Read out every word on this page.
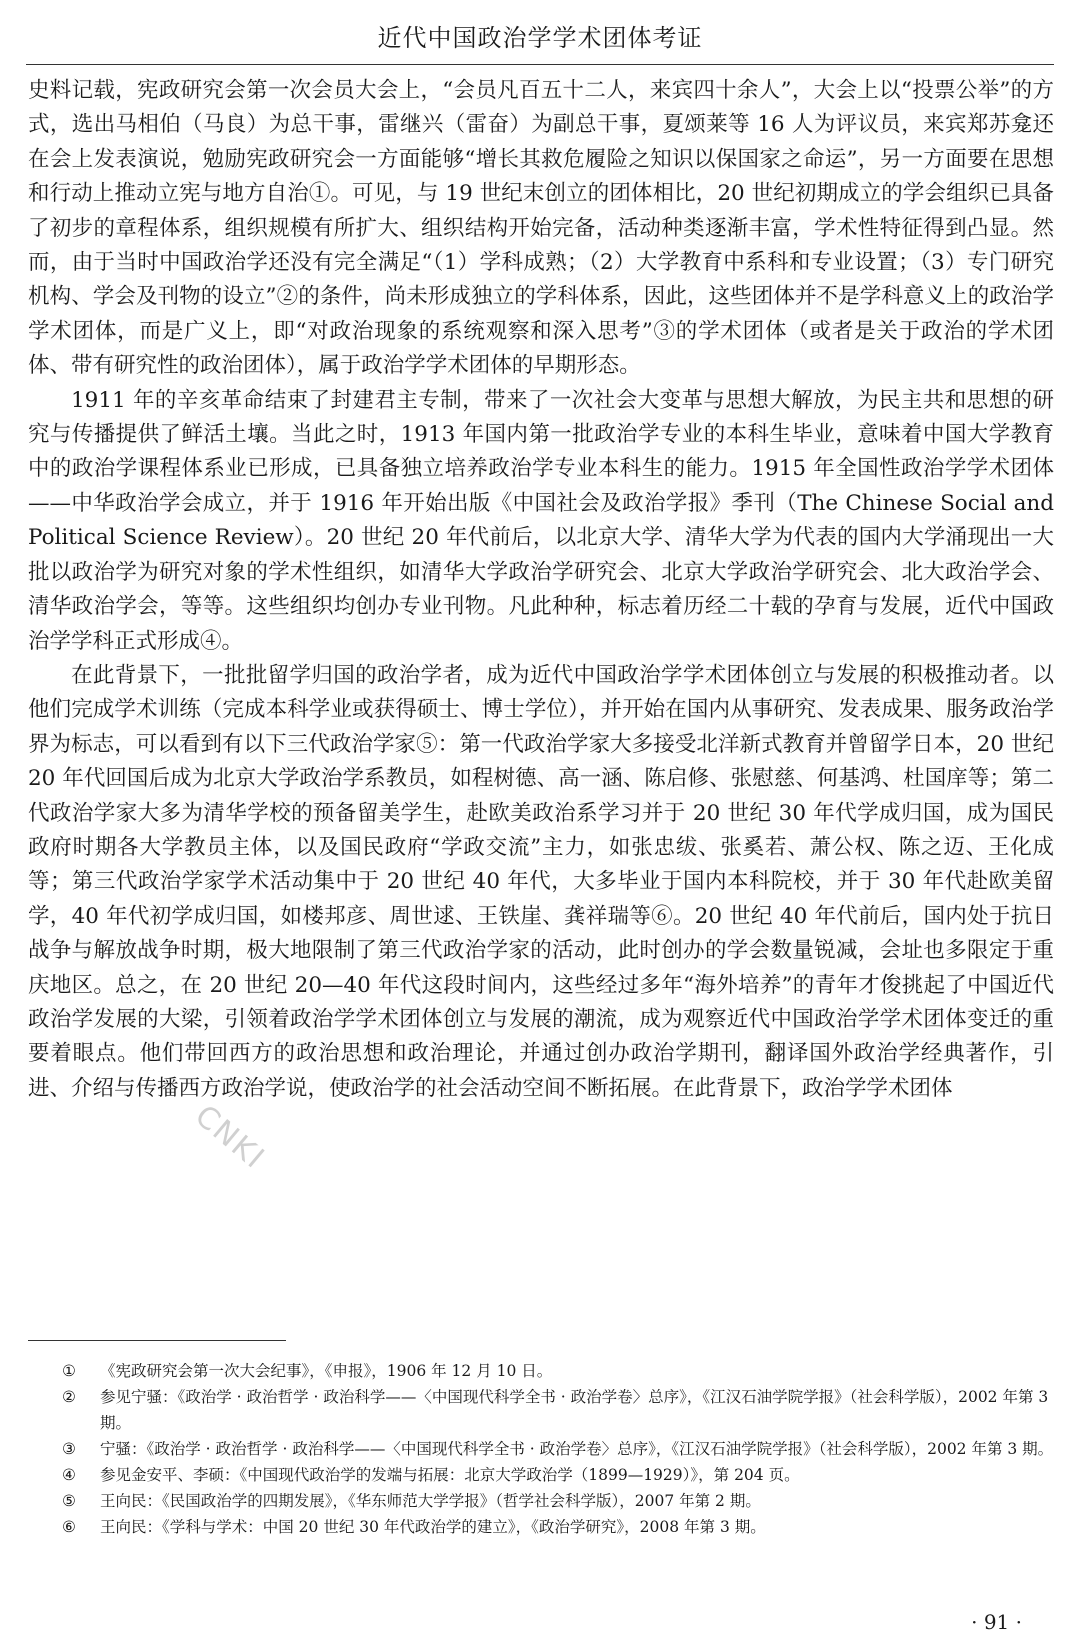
近代中国政治学学术团体考证

史料记载，宪政研究会第一次会员大会上，“会员凡百五十二人，来宾四十余人”，大会上以“投票公举”的方式，选出马相伯（马良）为总干事，雷继兴（雷奋）为副总干事，夏颂莱等 16 人为评议员，来宾郑苏龛还在会上发表演说，勉励宪政研究会一方面能够“增长其救危履险之知识以保国家之命运”，另一方面要在思想和行动上推动立宪与地方自治①。可见，与 19 世纪末创立的团体相比，20 世纪初期成立的学会组织已具备了初步的章程体系，组织规模有所扩大、组织结构开始完备，活动种类逐渐丰富，学术性特征得到凸显。然而，由于当时中国政治学还没有完全满足“（1）学科成熟；（2）大学教育中系科和专业设置；（3）专门研究机构、学会及刊物的设立”②的条件，尚未形成独立的学科体系，因此，这些团体并不是学科意义上的政治学学术团体，而是广义上，即“对政治现象的系统观察和深入思考”③的学术团体（或者是关于政治的学术团体、带有研究性的政治团体），属于政治学学术团体的早期形态。

1911 年的辛亥革命结束了封建君主专制，带来了一次社会大变革与思想大解放，为民主共和思想的研究与传播提供了鲜活土壤。当此之时，1913 年国内第一批政治学专业的本科生毕业，意味着中国大学教育中的政治学课程体系业已形成，已具备独立培养政治学专业本科生的能力。1915 年全国性政治学学术团体——中华政治学会成立，并于 1916 年开始出版《中国社会及政治学报》季刊（The Chinese Social and Political Science Review）。20 世纪 20 年代前后，以北京大学、清华大学为代表的国内大学涌现出一大批以政治学为研究对象的学术性组织，如清华大学政治学研究会、北京大学政治学研究会、北大政治学会、清华政治学会，等等。这些组织均创办专业刊物。凡此种种，标志着历经二十载的孕育与发展，近代中国政治学学科正式形成④。

在此背景下，一批批留学归国的政治学者，成为近代中国政治学学术团体创立与发展的积极推动者。以他们完成学术训练（完成本科学业或获得硕士、博士学位），并开始在国内从事研究、发表成果、服务政治学界为标志，可以看到有以下三代政治学家⑤：第一代政治学家大多接受北洋新式教育并曾留学日本，20 世纪 20 年代回国后成为北京大学政治学系教员，如程树德、高一涵、陈启修、张慰慈、何基鸿、杜国庠等；第二代政治学家大多为清华学校的预备留美学生，赴欧美政治系学习并于 20 世纪 30 年代学成归国，成为国民政府时期各大学教员主体，以及国民政府“学政交流”主力，如张忠绂、张奚若、萧公权、陈之迈、王化成等；第三代政治学家学术活动集中于 20 世纪 40 年代，大多毕业于国内本科院校，并于 30 年代赴欧美留学，40 年代初学成归国，如楼邦彦、周世逑、王铁崖、龚祥瑞等⑥。20 世纪 40 年代前后，国内处于抗日战争与解放战争时期，极大地限制了第三代政治学家的活动，此时创办的学会数量锐减，会址也多限定于重庆地区。总之，在 20 世纪 20—40 年代这段时间内，这些经过多年“海外培养”的青年才俊挑起了中国近代政治学发展的大梁，引领着政治学学术团体创立与发展的潮流，成为观察近代中国政治学学术团体变迁的重要着眼点。他们带回西方的政治思想和政治理论，并通过创办政治学期刊，翻译国外政治学经典著作，引进、介绍与传播西方政治学说，使政治学的社会活动空间不断拓展。在此背景下，政治学学术团体

CNKI

① 《宪政研究会第一次大会纪事》，《申报》，1906 年 12 月 10 日。

② 参见宁骚：《政治学 · 政治哲学 · 政治科学——〈中国现代科学全书 · 政治学卷〉总序》，《江汉石油学院学报》（社会科学版），2002 年第 3 期。

③ 宁骚：《政治学 · 政治哲学 · 政治科学——〈中国现代科学全书 · 政治学卷〉总序》，《江汉石油学院学报》（社会科学版），2002 年第 3 期。

④ 参见金安平、李硕：《中国现代政治学的发端与拓展：北京大学政治学（1899—1929）》，第 204 页。

⑤ 王向民：《民国政治学的四期发展》，《华东师范大学学报》（哲学社会科学版），2007 年第 2 期。

⑥ 王向民：《学科与学术：中国 20 世纪 30 年代政治学的建立》，《政治学研究》，2008 年第 3 期。

· 91 ·
